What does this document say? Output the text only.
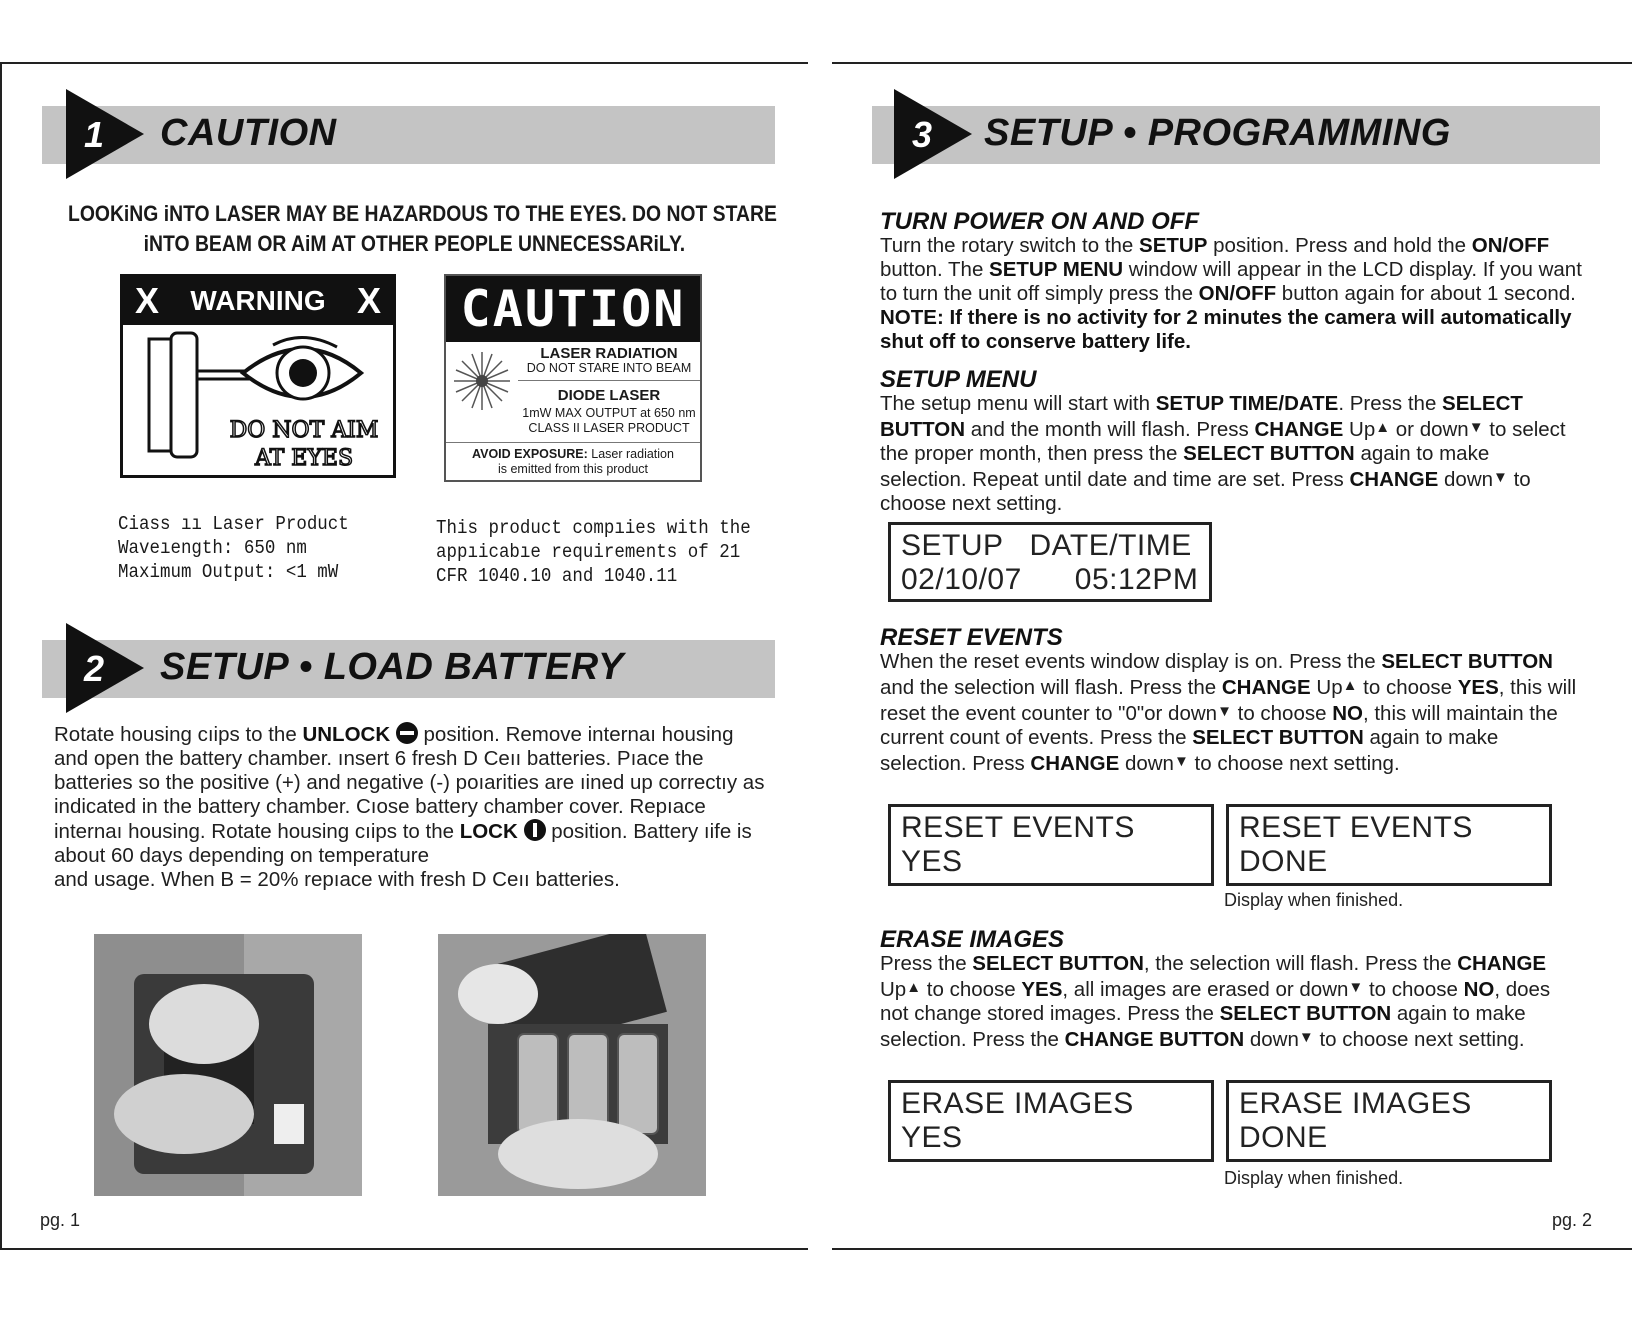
1 CAUTION
LOOKiNG iNTO LASER MAY BE HAZARDOUS TO THE EYES. DO NOT STARE
iNTO BEAM OR AiM AT OTHER PEOPLE UNNECESSARiLY.
X WARNING X
DO NOT AIM
AT EYES
CAUTION
LASER RADIATION
DO NOT STARE INTO BEAM
DIODE LASER
1mW MAX OUTPUT at 650 nm
CLASS II LASER PRODUCT
AVOID EXPOSURE: Laser radiation
is emitted from this product
Ciass ıı Laser Product
Waveıength: 650 nm
Maximum Output: <1 mW
This product compıies with the
appıicabıe requirements of 21
CFR 1040.10 and 1040.11
2 SETUP • LOAD BATTERY
Rotate housing cıips to the UNLOCK
position. Remove internaı housing and open the battery chamber. ınsert 6 fresh D Ceıı batteries. Pıace the batteries so the positive (+) and negative (-) poıarities are ıined up correctıy as indicated in the battery chamber. Cıose battery chamber cover. Repıace internaı housing. Rotate housing cıips to the LOCK
position. Battery ıife is about 60 days depending on temperature
and usage. When B = 20% repıace with fresh D Ceıı batteries.
pg. 1
3 SETUP • PROGRAMMING
TURN POWER ON AND OFF
Turn the rotary switch to the SETUP position. Press and hold the ON/OFF button. The SETUP MENU window will appear in the LCD display. If you want to turn the unit off simply press the ON/OFF button again for about 1 second. NOTE: If there is no activity for 2 minutes the camera will automatically shut off to conserve battery life.
SETUP MENU
The setup menu will start with SETUP TIME/DATE. Press the SELECT BUTTON and the month will flash. Press CHANGE Up▲ or down▼ to select the proper month, then press the SELECT BUTTON again to make selection. Repeat until date and time are set. Press CHANGE down▼ to choose next setting.
SETUP   DATE/TIME
02/10/07      05:12PM
RESET EVENTS
When the reset events window display is on. Press the SELECT BUTTON and the selection will flash. Press the CHANGE Up▲ to choose YES, this will reset the event counter to "0"or down▼ to choose NO, this will maintain the current count of events. Press the SELECT BUTTON again to make selection. Press CHANGE down▼ to choose next setting.
RESET EVENTS
YES
RESET EVENTS
DONE
Display when finished.
ERASE IMAGES
Press the SELECT BUTTON, the selection will flash. Press the CHANGE Up▲ to choose YES, all images are erased or down▼ to choose NO, does not change stored images. Press the SELECT BUTTON again to make selection. Press the CHANGE BUTTON down▼ to choose next setting.
ERASE IMAGES
YES
ERASE IMAGES
DONE
Display when finished.
pg. 2
